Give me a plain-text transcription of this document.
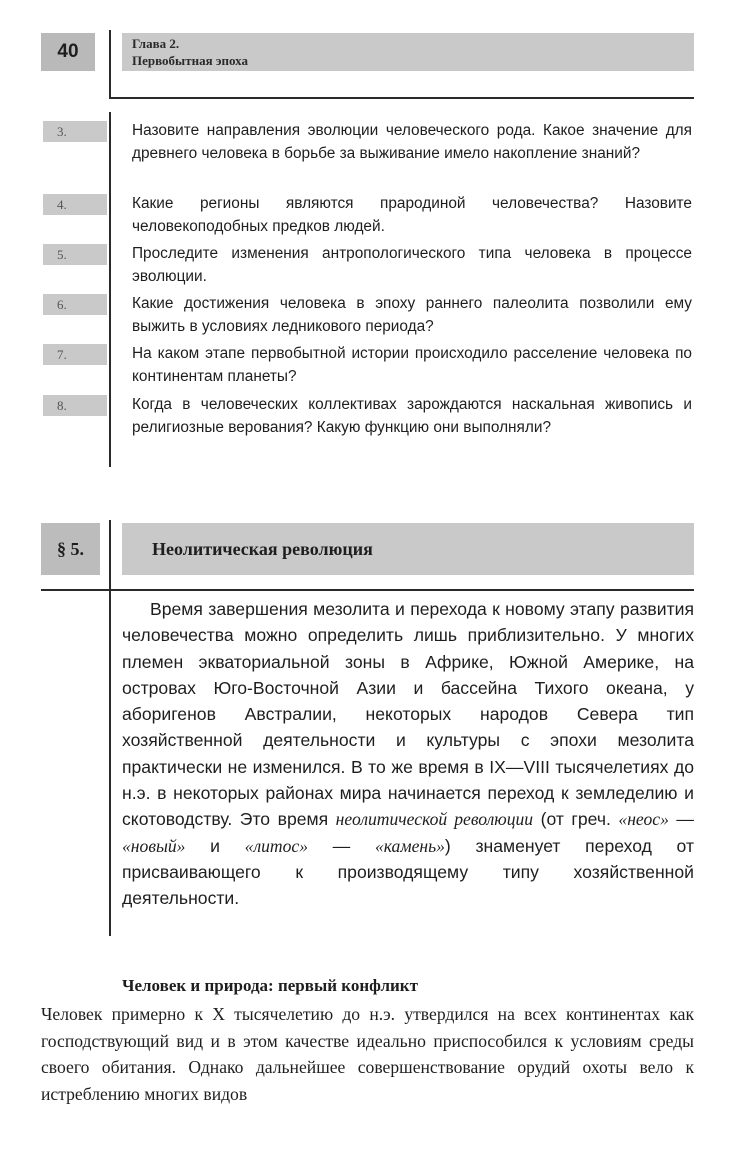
40	Глава 2.
Первобытная эпоха
3.	Назовите направления эволюции человеческого рода. Какое значение для древнего человека в борьбе за выживание имело накопление знаний?
4.	Какие регионы являются прародиной человечества? Назовите человекоподобных предков людей.
5.	Проследите изменения антропологического типа человека в процессе эволюции.
6.	Какие достижения человека в эпоху раннего палеолита позволили ему выжить в условиях ледникового периода?
7.	На каком этапе первобытной истории происходило расселение человека по континентам планеты?
8.	Когда в человеческих коллективах зарождаются наскальная живопись и религиозные верования? Какую функцию они выполняли?
§ 5.	Неолитическая революция
Время завершения мезолита и перехода к новому этапу развития человечества можно определить лишь приблизительно. У многих племен экваториальной зоны в Африке, Южной Америке, на островах Юго-Восточной Азии и бассейна Тихого океана, у аборигенов Австралии, некоторых народов Севера тип хозяйственной деятельности и культуры с эпохи мезолита практически не изменился. В то же время в IX—VIII тысячелетиях до н.э. в некоторых районах мира начинается переход к земледелию и скотоводству. Это время неолитической революции (от греч. «неос» — «новый» и «литос» — «камень») знаменует переход от присваивающего к производящему типу хозяйственной деятельности.
Человек и природа: первый конфликт
Человек примерно к X тысячелетию до н.э. утвердился на всех континентах как господствующий вид и в этом качестве идеально приспособился к условиям среды своего обитания. Однако дальнейшее совершенствование орудий охоты вело к истреблению многих видов
